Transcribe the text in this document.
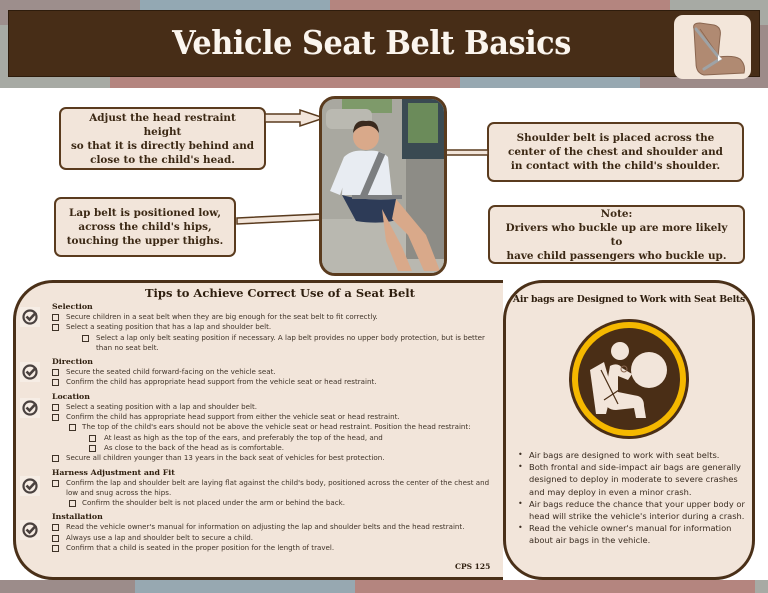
Vehicle Seat Belt Basics
Adjust the head restraint height
so that it is directly behind and
close to the child's head.
Lap belt is positioned low,
across the child's hips,
touching the upper thighs.
Shoulder belt is placed across the
center of the chest and shoulder and
in contact with the child's shoulder.
Note:
Drivers who buckle up are more likely to
have child passengers who buckle up.
Tips to Achieve Correct Use of a Seat Belt
Selection
Secure children in a seat belt when they are big enough for the seat belt to fit correctly.
Select a seating position that has a lap and shoulder belt.
Select a lap only belt seating position if necessary. A lap belt provides no upper body protection, but is better than no seat belt.
Direction
Secure the seated child forward-facing on the vehicle seat.
Confirm the child has appropriate head support from the vehicle seat or head restraint.
Location
Select a seating position with a lap and shoulder belt.
Confirm the child has appropriate head support from either the vehicle seat or head restraint.
The top of the child's ears should not be above the vehicle seat or head restraint. Position the head restraint:
At least as high as the top of the ears, and preferably the top of the head, and
As close to the back of the head as is comfortable.
Secure all children younger than 13 years in the back seat of vehicles for best protection.
Harness Adjustment and Fit
Confirm the lap and shoulder belt are laying flat against the child's body, positioned across the center of the chest and low and snug across the hips.
Confirm the shoulder belt is not placed under the arm or behind the back.
Installation
Read the vehicle owner's manual for information on adjusting the lap and shoulder belts and the head restraint.
Always use a lap and shoulder belt to secure a child.
Confirm that a child is seated in the proper position for the length of travel.
CPS 125
Air bags are Designed to Work with Seat Belts
• Air bags are designed to work with seat belts.
• Both frontal and side-impact air bags are generally designed to deploy in moderate to severe crashes and may deploy in even a minor crash.
• Air bags reduce the chance that your upper body or head will strike the vehicle's interior during a crash.
• Read the vehicle owner's manual for information about air bags in the vehicle.
